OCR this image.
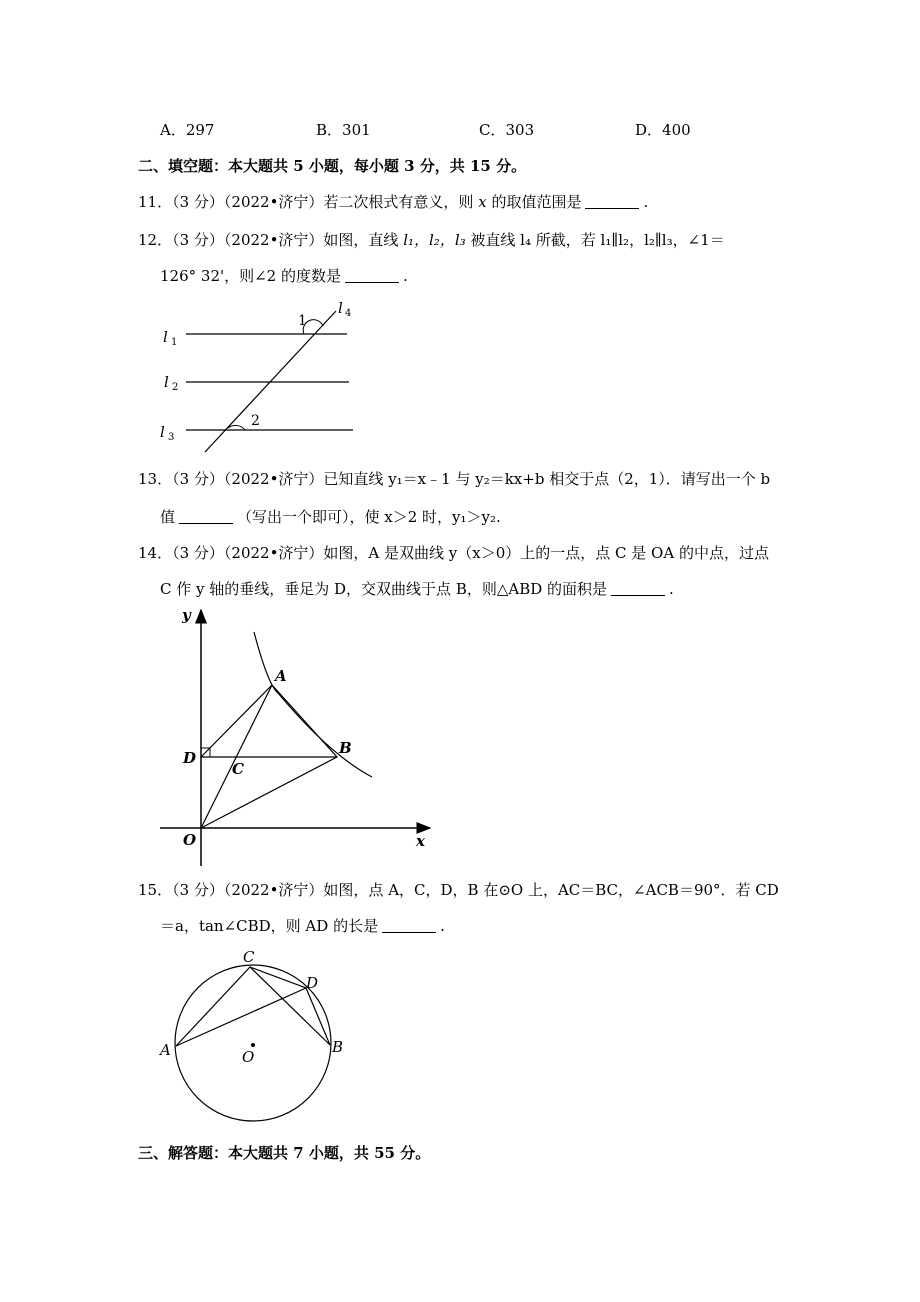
A．297	B．301	C．303	D．400
二、填空题：本大题共 5 小题，每小题 3 分，共 15 分。
11．（3 分）（2022•济宁）若二次根式有意义，则 x 的取值范围是	.
12．（3 分）（2022•济宁）如图，直线 l₁，l₂，l₃ 被直线 l₄ 所截，若 l₁∥l₂，l₂∥l₃，∠1＝
126° 32'，则∠2 的度数是	.
l 1
l 2
l 3
l 4
1
2
13．（3 分）（2022•济宁）已知直线 y₁＝x﹣1 与 y₂＝kx+b 相交于点（2，1）．请写出一个 b
值	（写出一个即可），使 x＞2 时，y₁＞y₂.
14．（3 分）（2022•济宁）如图，A 是双曲线 y（x＞0）上的一点，点 C 是 OA 的中点，过点
C 作 y 轴的垂线，垂足为 D，交双曲线于点 B，则△ABD 的面积是	.
y
x
O
A
B
C
D
15．（3 分）（2022•济宁）如图，点 A，C，D，B 在⊙O 上，AC＝BC，∠ACB＝90°．若 CD
＝a，tan∠CBD，则 AD 的长是	.
C
D
A	B
O
三、解答题：本大题共 7 小题，共 55 分。
